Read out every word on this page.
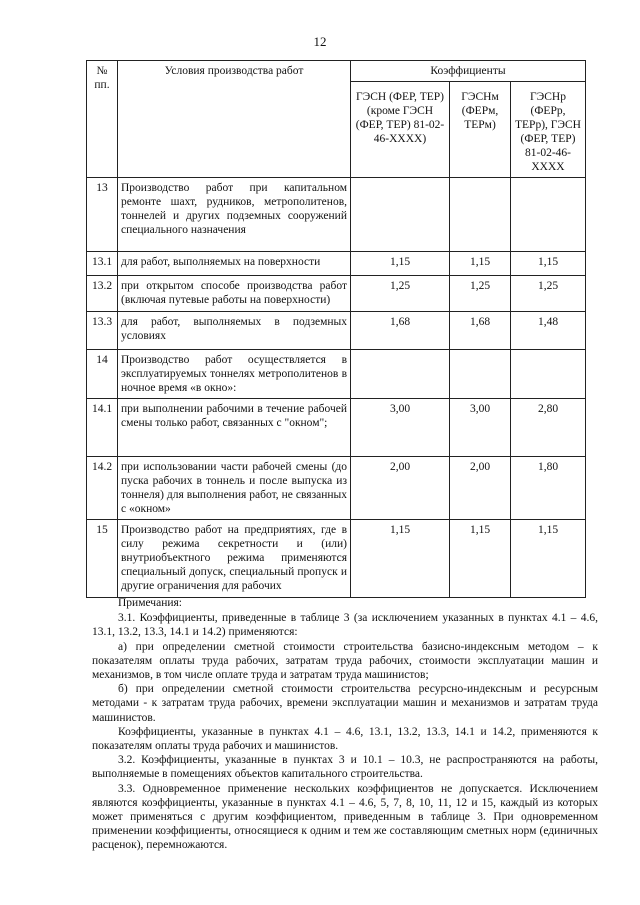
12
№ пп.	Условия производства работ	Коэффициенты		
		ГЭСН (ФЕР, ТЕР) (кроме ГЭСН (ФЕР, ТЕР) 81-02-46-XXXX)	ГЭСНм (ФЕРм, ТЕРм)	ГЭСНр (ФЕРр, ТЕРр), ГЭСН (ФЕР, ТЕР) 81-02-46-XXXX
13	Производство работ при капитальном ремонте шахт, рудников, метрополитенов, тоннелей и других подземных сооружений специального назначения			
13.1	для работ, выполняемых на поверхности	1,15	1,15	1,15
13.2	при открытом способе производства работ (включая путевые работы на поверхности)	1,25	1,25	1,25
13.3	для работ, выполняемых в подземных условиях	1,68	1,68	1,48
14	Производство работ осуществляется в эксплуатируемых тоннелях метрополитенов в ночное время «в окно»:			
14.1	при выполнении рабочими в течение рабочей смены только работ, связанных с "окном";	3,00	3,00	2,80
14.2	при использовании части рабочей смены (до пуска рабочих в тоннель и после выпуска из тоннеля) для выполнения работ, не связанных с «окном»	2,00	2,00	1,80
15	Производство работ на предприятиях, где в силу режима секретности и (или) внутриобъектного режима применяются специальный допуск, специальный пропуск и другие ограничения для рабочих	1,15	1,15	1,15

Примечания:

3.1. Коэффициенты, приведенные в таблице 3 (за исключением указанных в пунктах 4.1 – 4.6, 13.1, 13.2, 13.3, 14.1 и 14.2) применяются:

а) при определении сметной стоимости строительства базисно-индексным методом – к показателям оплаты труда рабочих, затратам труда рабочих, стоимости эксплуатации машин и механизмов, в том числе оплате труда и затратам труда машинистов;

б) при определении сметной стоимости строительства ресурсно-индексным и ресурсным методами - к затратам труда рабочих, времени эксплуатации машин и механизмов и затратам труда машинистов.

Коэффициенты, указанные в пунктах 4.1 – 4.6, 13.1, 13.2, 13.3, 14.1 и 14.2, применяются к показателям оплаты труда рабочих и машинистов.

3.2. Коэффициенты, указанные в пунктах 3 и 10.1 – 10.3, не распространяются на работы, выполняемые в помещениях объектов капитального строительства.

3.3. Одновременное применение нескольких коэффициентов не допускается. Исключением являются коэффициенты, указанные в пунктах 4.1 – 4.6, 5, 7, 8, 10, 11, 12 и 15, каждый из которых может применяться с другим коэффициентом, приведенным в таблице 3. При одновременном применении коэффициенты, относящиеся к одним и тем же составляющим сметных норм (единичных расценок), перемножаются.
